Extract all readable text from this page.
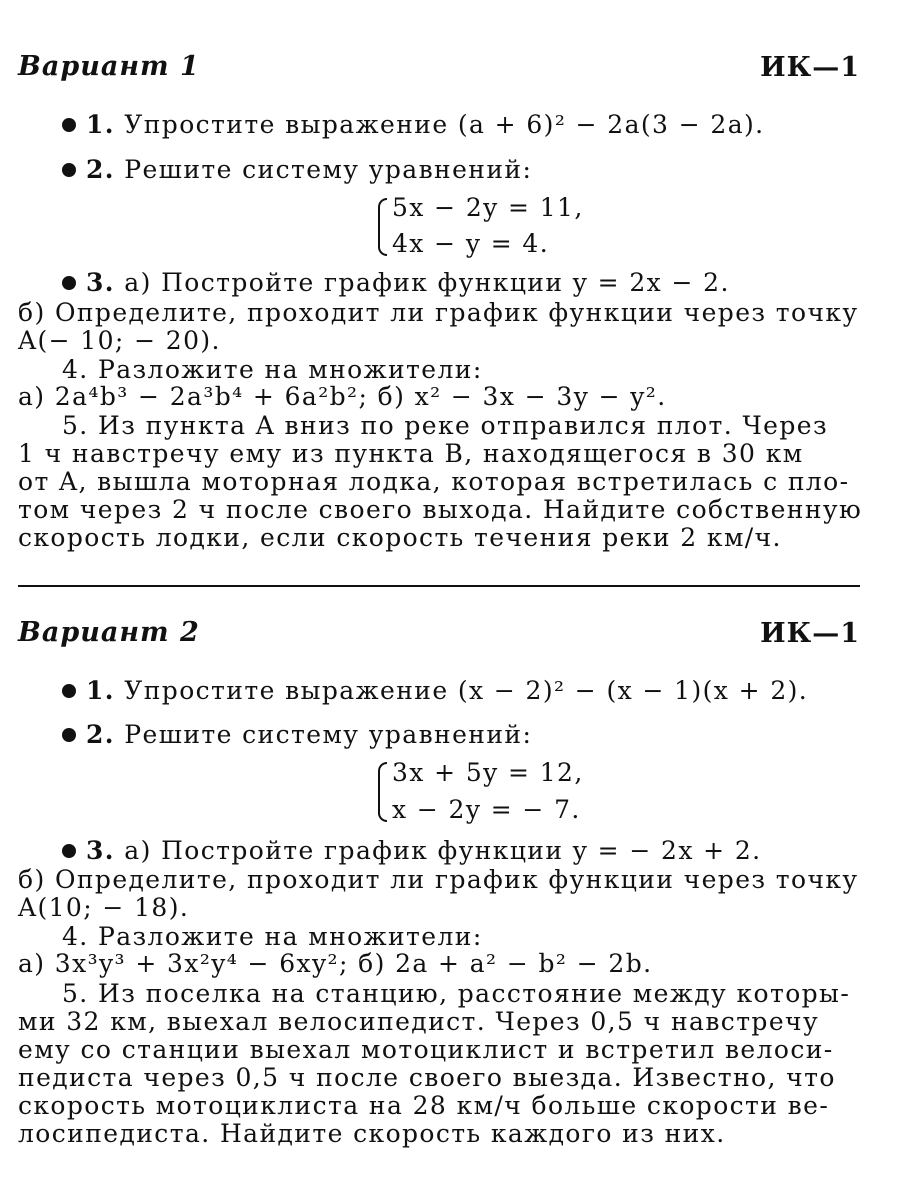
Вариант 1	ИК—1
1. Упростите выражение (a + 6)² − 2a(3 − 2a).
2. Решите систему уравнений:
5x − 2y = 11,
4x − y = 4.
3. а) Постройте график функции y = 2x − 2.
б) Определите, проходит ли график функции через точку
A(− 10; − 20).
4. Разложите на множители:
а) 2a⁴b³ − 2a³b⁴ + 6a²b²; б) x² − 3x − 3y − y².
5. Из пункта A вниз по реке отправился плот. Через
1 ч навстречу ему из пункта B, находящегося в 30 км
от A, вышла моторная лодка, которая встретилась с пло-
том через 2 ч после своего выхода. Найдите собственную
скорость лодки, если скорость течения реки 2 км/ч.
Вариант 2	ИК—1
1. Упростите выражение (x − 2)² − (x − 1)(x + 2).
2. Решите систему уравнений:
3x + 5y = 12,
x − 2y = − 7.
3. а) Постройте график функции y = − 2x + 2.
б) Определите, проходит ли график функции через точку
A(10; − 18).
4. Разложите на множители:
а) 3x³y³ + 3x²y⁴ − 6xy²; б) 2a + a² − b² − 2b.
5. Из поселка на станцию, расстояние между которы-
ми 32 км, выехал велосипедист. Через 0,5 ч навстречу
ему со станции выехал мотоциклист и встретил велоси-
педиста через 0,5 ч после своего выезда. Известно, что
скорость мотоциклиста на 28 км/ч больше скорости ве-
лосипедиста. Найдите скорость каждого из них.
